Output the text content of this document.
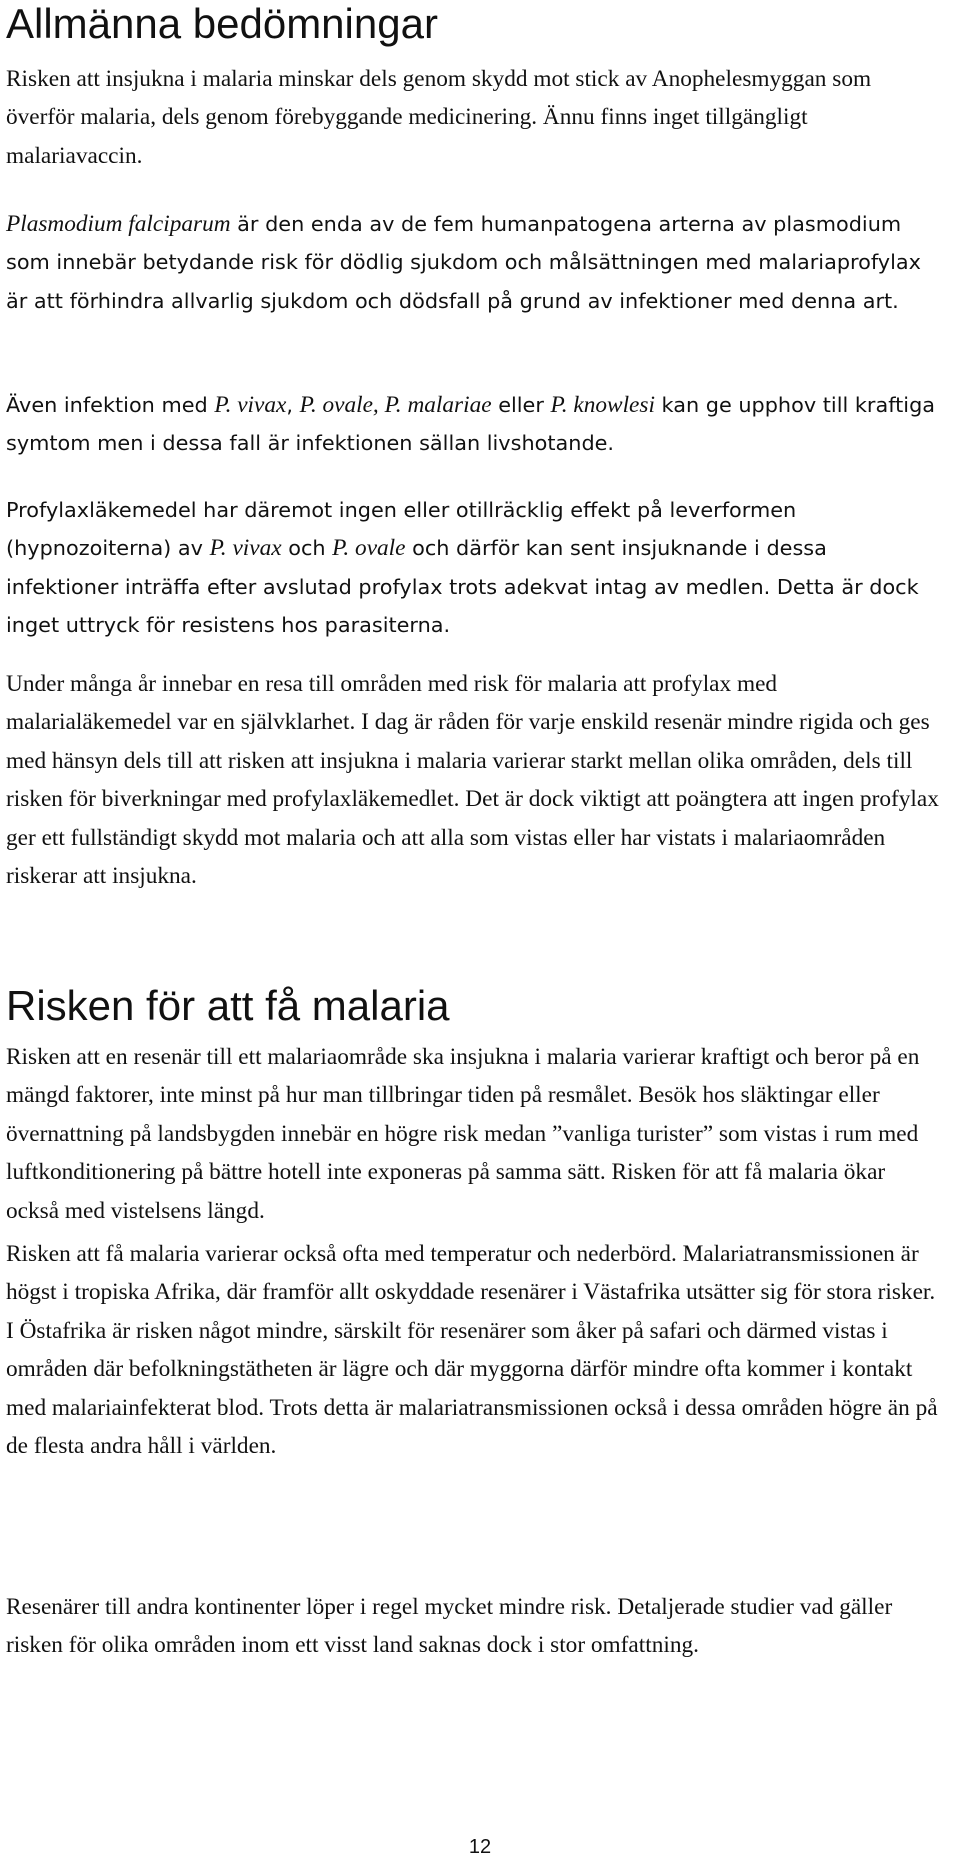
Allmänna bedömningar

Risken att insjukna i malaria minskar dels genom skydd mot stick av Anophelesmyggan som överför malaria, dels genom förebyggande medicinering. Ännu finns inget tillgängligt malariavaccin.

Plasmodium falciparum är den enda av de fem humanpatogena arterna av plasmodium som innebär betydande risk för dödlig sjukdom och målsättningen med malariaprofylax är att förhindra allvarlig sjukdom och dödsfall på grund av infektioner med denna art.

Även infektion med P. vivax, P. ovale, P. malariae eller P. knowlesi kan ge upphov till kraftiga symtom men i dessa fall är infektionen sällan livshotande.

Profylaxläkemedel har däremot ingen eller otillräcklig effekt på leverformen (hypnozoiterna) av P. vivax och P. ovale och därför kan sent insjuknande i dessa infektioner inträffa efter avslutad profylax trots adekvat intag av medlen. Detta är dock inget uttryck för resistens hos parasiterna.

Under många år innebar en resa till områden med risk för malaria att profylax med malarialäkemedel var en självklarhet. I dag är råden för varje enskild resenär mindre rigida och ges med hänsyn dels till att risken att insjukna i malaria varierar starkt mellan olika områden, dels till risken för biverkningar med profylaxläkemedlet. Det är dock viktigt att poängtera att ingen profylax ger ett fullständigt skydd mot malaria och att alla som vistas eller har vistats i malariaområden riskerar att insjukna.

Risken för att få malaria

Risken att en resenär till ett malariaområde ska insjukna i malaria varierar kraftigt och beror på en mängd faktorer, inte minst på hur man tillbringar tiden på resmålet. Besök hos släktingar eller övernattning på landsbygden innebär en högre risk medan ”vanliga turister” som vistas i rum med luftkonditionering på bättre hotell inte exponeras på samma sätt. Risken för att få malaria ökar också med vistelsens längd.

Risken att få malaria varierar också ofta med temperatur och nederbörd. Malariatransmissionen är högst i tropiska Afrika, där framför allt oskyddade resenärer i Västafrika utsätter sig för stora risker. I Östafrika är risken något mindre, särskilt för resenärer som åker på safari och därmed vistas i områden där befolkningstätheten är lägre och där myggorna därför mindre ofta kommer i kontakt med malariainfekterat blod. Trots detta är malariatransmissionen också i dessa områden högre än på de flesta andra håll i världen.

Resenärer till andra kontinenter löper i regel mycket mindre risk. Detaljerade studier vad gäller risken för olika områden inom ett visst land saknas dock i stor omfattning.

12
